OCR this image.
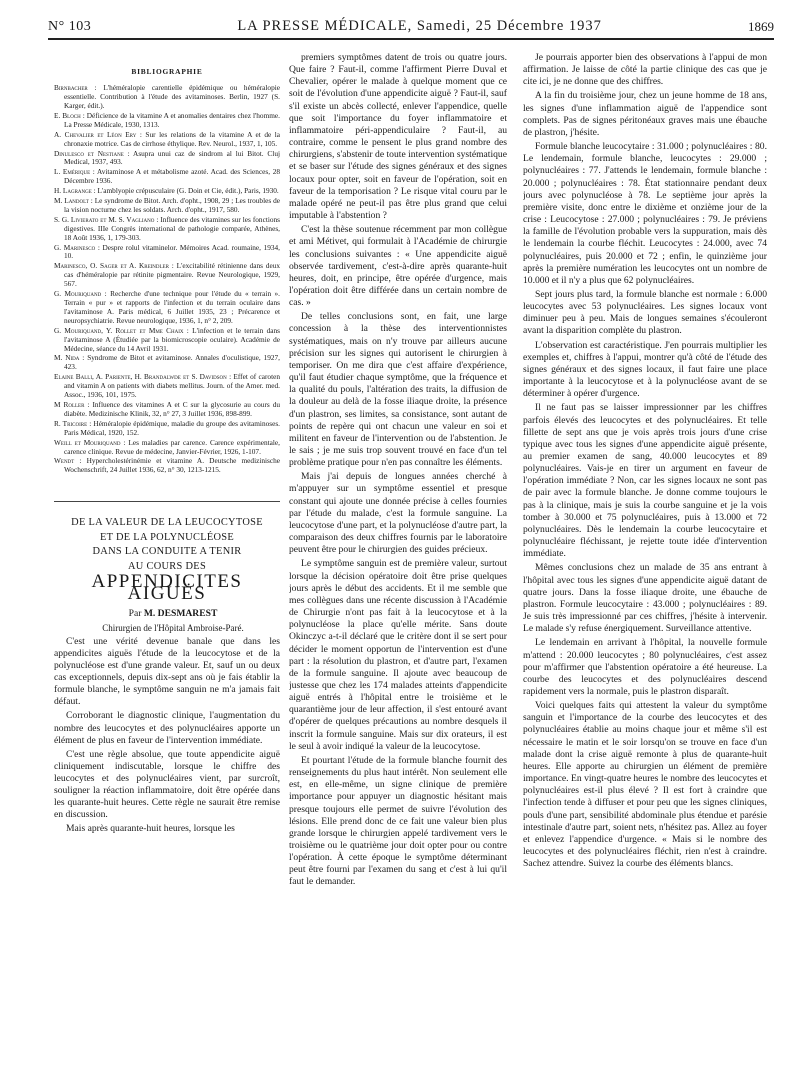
N° 103	LA PRESSE MÉDICALE, Samedi, 25 Décembre 1937	1869
BIBLIOGRAPHIE
Birnbacher : L'héméralopie carentielle épidémique ou héméralopie essentielle. Contribution à l'étude des avitaminoses. Berlin, 1927 (S. Karger, édit.).
E. Bloch : Déficience de la vitamine A et anomalies dentaires chez l'homme. La Presse Médicale, 1930, 1313.
A. Chevalier et Léon Ery : Sur les relations de la vitamine A et de la chronaxie motrice. Cas de cirrhose éthylique. Rev. Neurol., 1937, 1, 105.
Dinulesco et Nestiane : Asupra unui caz de sindrom al lui Bitot. Cluj Medical, 1937, 493.
L. Emérique : Avitaminose A et métabolisme azoté. Acad. des Sciences, 28 Décembre 1936.
H. Lagrange : L'amblyopie crépusculaire (G. Doin et Cie, édit.), Paris, 1930.
M. Landolt : Le syndrome de Bitot. Arch. d'opht., 1908, 29 ; Les troubles de la vision nocturne chez les soldats. Arch. d'opht., 1917, 580.
S. G. Livierato et M. S. Vagliano : Influence des vitamines sur les fonctions digestives. IIIe Congrès international de pathologie comparée, Athènes, 18 Août 1936, 1, 179-303.
G. Marinesco : Despre rolul vitaminelor. Mémoires Acad. roumaine, 1934, 10.
Marinesco, O. Sager et A. Kreindler : L'excitabilité rétinienne dans deux cas d'héméralopie par rétinite pigmentaire. Revue Neurologique, 1929, 567.
G. Mouriquand : Recherche d'une technique pour l'étude du « terrain ». Terrain « pur » et rapports de l'infection et du terrain oculaire dans l'avitaminose A. Paris médical, 6 Juillet 1935, 23 ; Précarence et neuropsychiatrie. Revue neurologique, 1936, 1, n° 2, 209.
G. Mouriquand, Y. Rollet et Mme Chaix : L'infection et le terrain dans l'avitaminose A (Étudiée par la biomicroscopie oculaire). Académie de Médecine, séance du 14 Avril 1931.
M. Nida : Syndrome de Bitot et avitaminose. Annales d'oculistique, 1927, 423.
Elaine Balli, A. Pariente, H. Brandalwde et S. Davidson : Effet of caroten and vitamin A on patients with diabets mellitus. Journ. of the Amer. med. Assoc., 1936, 101, 1975.
M Roller : Influence des vitamines A et C sur la glycosurie au cours du diabète. Medizinische Klinik, 32, n° 27, 3 Juillet 1936, 898-899.
R. Tricoire : Héméralopie épidémique, maladie du groupe des avitaminoses. Paris Médical, 1920, 152.
Weill et Mouriquand : Les maladies par carence. Carence expérimentale, carence clinique. Revue de médecine, Janvier-Février, 1926, 1-107.
Wendt : Hypercholestérinémie et vitamine A. Deutsche medizinische Wochenschrift, 24 Juillet 1936, 62, n° 30, 1213-1215.
DE LA VALEUR DE LA LEUCOCYTOSE
ET DE LA POLYNUCLÉOSE
DANS LA CONDUITE A TENIR
AU COURS DES
APPENDICITES AIGUËS

Par M. DESMAREST

Chirurgien de l'Hôpital Ambroise-Paré.

C'est une vérité devenue banale que dans les appendicites aiguës l'étude de la leucocytose et de la polynucléose est d'une grande valeur. Et, sauf un ou deux cas exceptionnels, depuis dix-sept ans où je fais établir la formule blanche, le symptôme sanguin ne m'a jamais fait défaut.

Corroborant le diagnostic clinique, l'augmentation du nombre des leucocytes et des polynucléaires apporte un élément de plus en faveur de l'intervention immédiate.

C'est une règle absolue, que toute appendicite aiguë cliniquement indiscutable, lorsque le chiffre des leucocytes et des polynucléaires vient, par surcroît, souligner la réaction inflammatoire, doit être opérée dans les quarante-huit heures. Cette règle ne saurait être remise en discussion.

Mais après quarante-huit heures, lorsque les

premiers symptômes datent de trois ou quatre jours. Que faire ? Faut-il, comme l'affirment Pierre Duval et Chevalier, opérer le malade à quelque moment que ce soit de l'évolution d'une appendicite aiguë ? Faut-il, sauf s'il existe un abcès collecté, enlever l'appendice, quelle que soit l'importance du foyer inflammatoire et inflammatoire péri-appendiculaire ? Faut-il, au contraire, comme le pensent le plus grand nombre des chirurgiens, s'abstenir de toute intervention systématique et se baser sur l'étude des signes généraux et des signes locaux pour opter, soit en faveur de l'opération, soit en faveur de la temporisation ? Le risque vital couru par le malade opéré ne peut-il pas être plus grand que celui imputable à l'abstention ?

C'est la thèse soutenue récemment par mon collègue et ami Métivet, qui formulait à l'Académie de chirurgie les conclusions suivantes : « Une appendicite aiguë observée tardivement, c'est-à-dire après quarante-huit heures, doit, en principe, être opérée d'urgence, mais l'opération doit être différée dans un certain nombre de cas. »

De telles conclusions sont, en fait, une large concession à la thèse des interventionnistes systématiques, mais on n'y trouve par ailleurs aucune précision sur les signes qui autorisent le chirurgien à temporiser. On me dira que c'est affaire d'expérience, qu'il faut étudier chaque symptôme, que la fréquence et la qualité du pouls, l'altération des traits, la diffusion de la douleur au delà de la fosse iliaque droite, la présence d'un plastron, ses limites, sa consistance, sont autant de points de repère qui ont chacun une valeur en soi et militent en faveur de l'intervention ou de l'abstention. Je le sais ; je me suis trop souvent trouvé en face d'un tel problème pratique pour n'en pas connaître les éléments.

Mais j'ai depuis de longues années cherché à m'appuyer sur un symptôme essentiel et presque constant qui ajoute une donnée précise à celles fournies par l'étude du malade, c'est la formule sanguine. La leucocytose d'une part, et la polynucléose d'autre part, la comparaison des deux chiffres fournis par le laboratoire peuvent être pour le chirurgien des guides précieux.

Le symptôme sanguin est de première valeur, surtout lorsque la décision opératoire doit être prise quelques jours après le début des accidents. Et il me semble que mes collègues dans une récente discussion à l'Académie de Chirurgie n'ont pas fait à la leucocytose et à la polynucléose la place qu'elle mérite. Sans doute Okinczyc a-t-il déclaré que le critère dont il se sert pour décider le moment opportun de l'intervention est d'une part : la résolution du plastron, et d'autre part, l'examen de la formule sanguine. Il ajoute avec beaucoup de justesse que chez les 174 malades atteints d'appendicite aiguë entrés à l'hôpital entre le troisième et le quarantième jour de leur affection, il s'est entouré avant d'opérer de quelques précautions au nombre desquels il inscrit la formule sanguine. Mais sur dix orateurs, il est le seul à avoir indiqué la valeur de la leucocytose.

Et pourtant l'étude de la formule blanche fournit des renseignements du plus haut intérêt. Non seulement elle est, en elle-même, un signe clinique de première importance pour appuyer un diagnostic hésitant mais presque toujours elle permet de suivre l'évolution des lésions. Elle prend donc de ce fait une valeur bien plus grande lorsque le chirurgien appelé tardivement vers le troisième ou le quatrième jour doit opter pour ou contre l'opération. À cette époque le symptôme déterminant peut être fourni par l'examen du sang et c'est à lui qu'il faut le demander.

Je pourrais apporter bien des observations à l'appui de mon affirmation. Je laisse de côté la partie clinique des cas que je cite ici, je ne donne que des chiffres.

A la fin du troisième jour, chez un jeune homme de 18 ans, les signes d'une inflammation aiguë de l'appendice sont complets. Pas de signes péritonéaux graves mais une ébauche de plastron, j'hésite.

Formule blanche leucocytaire : 31.000 ; polynucléaires : 80. Le lendemain, formule blanche, leucocytes : 29.000 ; polynucléaires : 77. J'attends le lendemain, formule blanche : 20.000 ; polynucléaires : 78. État stationnaire pendant deux jours avec polynucléose à 78. Le septième jour après la première visite, donc entre le dixième et onzième jour de la crise : Leucocytose : 27.000 ; polynucléaires : 79. Je préviens la famille de l'évolution probable vers la suppuration, mais dès le lendemain la courbe fléchit. Leucocytes : 24.000, avec 74 polynucléaires, puis 20.000 et 72 ; enfin, le quinzième jour après la première numération les leucocytes ont un nombre de 10.000 et il n'y a plus que 62 polynucléaires.

Sept jours plus tard, la formule blanche est normale : 6.000 leucocytes avec 53 polynucléaires. Les signes locaux vont diminuer peu à peu. Mais de longues semaines s'écouleront avant la disparition complète du plastron.

L'observation est caractéristique. J'en pourrais multiplier les exemples et, chiffres à l'appui, montrer qu'à côté de l'étude des signes généraux et des signes locaux, il faut faire une place importante à la leucocytose et à la polynucléose avant de se déterminer à opérer d'urgence.

Il ne faut pas se laisser impressionner par les chiffres parfois élevés des leucocytes et des polynucléaires. Et telle fillette de sept ans que je vois après trois jours d'une crise typique avec tous les signes d'une appendicite aiguë présente, au premier examen de sang, 40.000 leucocytes et 89 polynucléaires. Vais-je en tirer un argument en faveur de l'opération immédiate ? Non, car les signes locaux ne sont pas de pair avec la formule blanche. Je donne comme toujours le pas à la clinique, mais je suis la courbe sanguine et je la vois tomber à 30.000 et 75 polynucléaires, puis à 13.000 et 72 polynucléaires. Dès le lendemain la courbe leucocytaire et polynucléaire fléchissant, je rejette toute idée d'intervention immédiate.

Mêmes conclusions chez un malade de 35 ans entrant à l'hôpital avec tous les signes d'une appendicite aiguë datant de quatre jours. Dans la fosse iliaque droite, une ébauche de plastron. Formule leucocytaire : 43.000 ; polynucléaires : 89. Je suis très impressionné par ces chiffres, j'hésite à intervenir. Le malade s'y refuse énergiquement. Surveillance attentive.

Le lendemain en arrivant à l'hôpital, la nouvelle formule m'attend : 20.000 leucocytes ; 80 polynucléaires, c'est assez pour m'affirmer que l'abstention opératoire a été heureuse. La courbe des leucocytes et des polynucléaires descend rapidement vers la normale, puis le plastron disparaît.

Voici quelques faits qui attestent la valeur du symptôme sanguin et l'importance de la courbe des leucocytes et des polynucléaires établie au moins chaque jour et même s'il est nécessaire le matin et le soir lorsqu'on se trouve en face d'un malade dont la crise aiguë remonte à plus de quarante-huit heures. Elle apporte au chirurgien un élément de première importance. En vingt-quatre heures le nombre des leucocytes et polynucléaires est-il plus élevé ? Il est fort à craindre que l'infection tende à diffuser et pour peu que les signes cliniques, pouls d'une part, sensibilité abdominale plus étendue et parésie intestinale d'autre part, soient nets, n'hésitez pas. Allez au foyer et enlevez l'appendice d'urgence. « Mais si le nombre des leucocytes et des polynucléaires fléchit, rien n'est à craindre. Sachez attendre. Suivez la courbe des éléments blancs.
